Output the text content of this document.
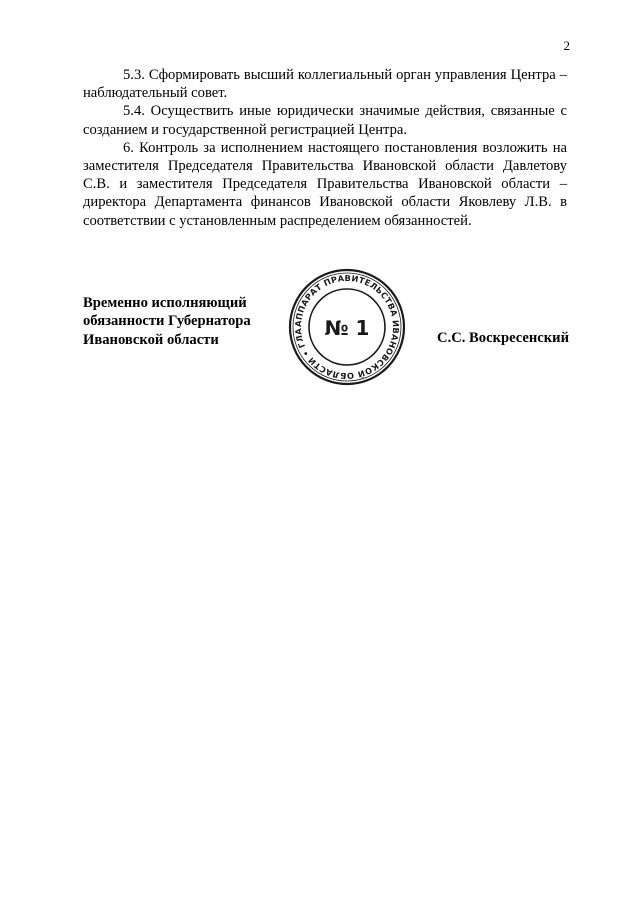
2

5.3. Сформировать высший коллегиальный орган управления Центра – наблюдательный совет.

5.4. Осуществить иные юридически значимые действия, связанные с созданием и государственной регистрацией Центра.

6. Контроль за исполнением настоящего постановления возложить на заместителя Председателя Правительства Ивановской области Давлетову С.В. и заместителя Председателя Правительства Ивановской области – директора Департамента финансов Ивановской области Яковлеву Л.В. в соответствии с установленным распределением обязанностей.

Временно исполняющий
обязанности Губернатора
Ивановской области
АППАРАТ ПРАВИТЕЛЬСТВА ИВАНОВСКОЙ ОБЛАСТИ • ГЛА	№ 1	С.С. Воскресенский
